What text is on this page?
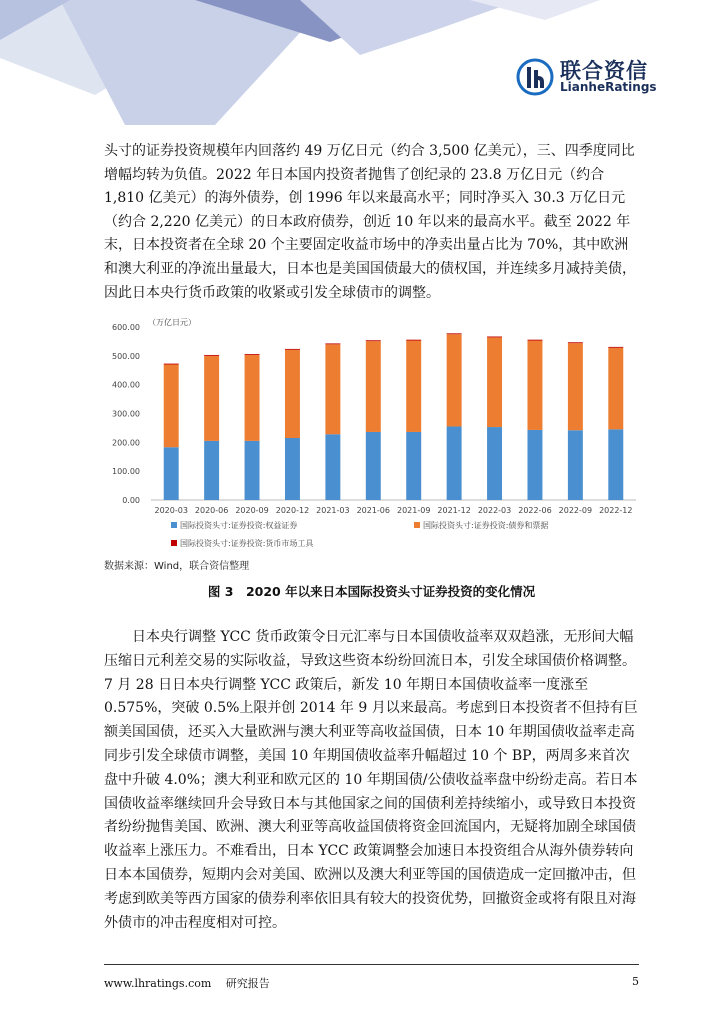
联合资信
LianheRatings

头寸的证券投资规模年内回落约 49 万亿日元（约合 3,500 亿美元），三、四季度同比增幅均转为负值。2022 年日本国内投资者抛售了创纪录的 23.8 万亿日元（约合 1,810 亿美元）的海外债券，创 1996 年以来最高水平；同时净买入 30.3 万亿日元（约合 2,220 亿美元）的日本政府债券，创近 10 年以来的最高水平。截至 2022 年末，日本投资者在全球 20 个主要固定收益市场中的净卖出量占比为 70%，其中欧洲和澳大利亚的净流出量最大，日本也是美国国债最大的债权国，并连续多月减持美债，因此日本央行货币政策的收紧或引发全球债市的调整。

0.00
100.00
200.00
300.00
400.00
500.00
600.00
（万亿日元）
2020-03 2020-06 2020-09 2020-12 2021-03 2021-06 2021-09 2021-12 2022-03 2022-06 2022-09 2022-12
国际投资头寸:证券投资:权益证券	国际投资头寸:证券投资:债券和票据
国际投资头寸:证券投资:货币市场工具
数据来源：Wind，联合资信整理
图 3　2020 年以来日本国际投资头寸证券投资的变化情况

日本央行调整 YCC 货币政策令日元汇率与日本国债收益率双双趋涨，无形间大幅压缩日元利差交易的实际收益，导致这些资本纷纷回流日本，引发全球国债价格调整。7 月 28 日日本央行调整 YCC 政策后，新发 10 年期日本国债收益率一度涨至 0.575%，突破 0.5%上限并创 2014 年 9 月以来最高。考虑到日本投资者不但持有巨额美国国债，还买入大量欧洲与澳大利亚等高收益国债，日本 10 年期国债收益率走高同步引发全球债市调整，美国 10 年期国债收益率升幅超过 10 个 BP，两周多来首次盘中升破 4.0%；澳大利亚和欧元区的 10 年期国债/公债收益率盘中纷纷走高。若日本国债收益率继续回升会导致日本与其他国家之间的国债利差持续缩小，或导致日本投资者纷纷抛售美国、欧洲、澳大利亚等高收益国债将资金回流国内，无疑将加剧全球国债收益率上涨压力。不难看出，日本 YCC 政策调整会加速日本投资组合从海外债券转向日本本国债券，短期内会对美国、欧洲以及澳大利亚等国的国债造成一定回撤冲击，但考虑到欧美等西方国家的债券利率依旧具有较大的投资优势，回撤资金或将有限且对海外债市的冲击程度相对可控。

www.lhratings.com　 研究报告	5
